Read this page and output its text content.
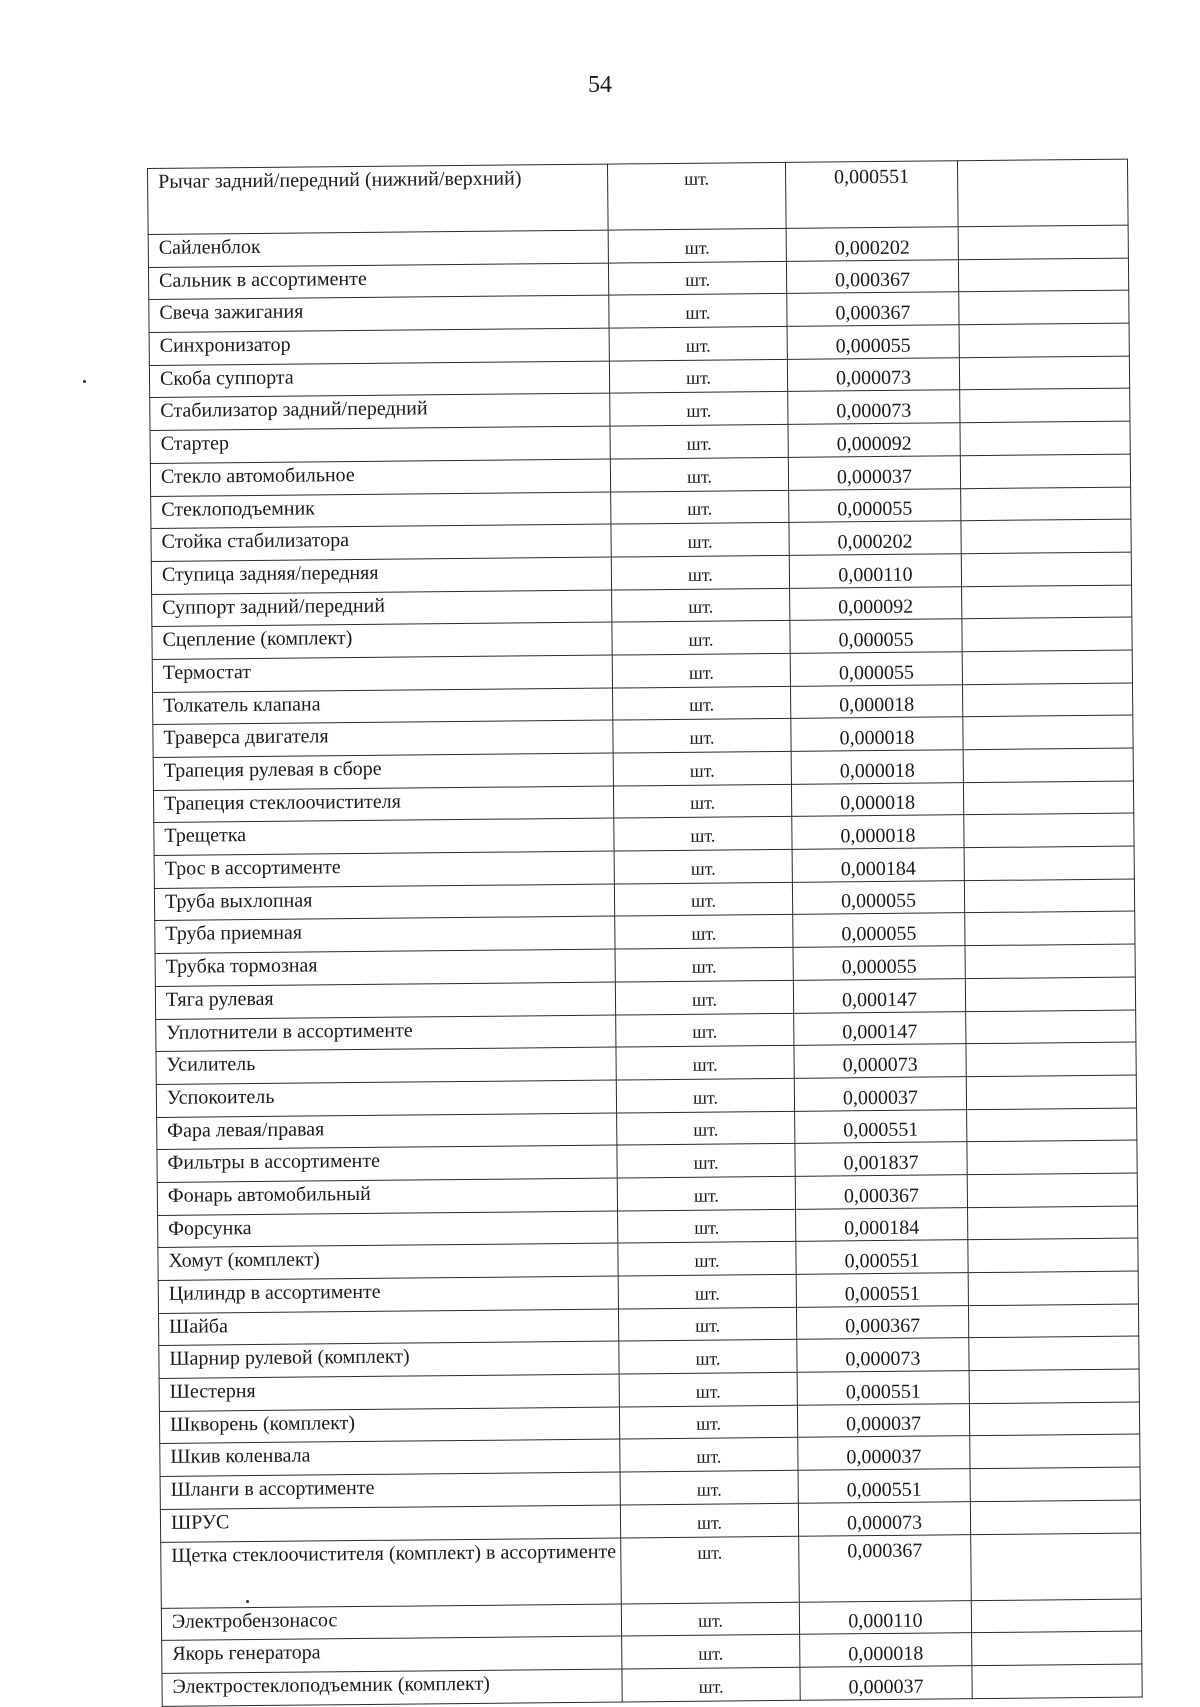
54
Рычаг задний/передний (нижний/верхний)	шт.	0,000551	
Сайленблок	шт.	0,000202	
Сальник в ассортименте	шт.	0,000367	
Свеча зажигания	шт.	0,000367	
Синхронизатор	шт.	0,000055	
Скоба суппорта	шт.	0,000073	
Стабилизатор задний/передний	шт.	0,000073	
Стартер	шт.	0,000092	
Стекло автомобильное	шт.	0,000037	
Стеклоподъемник	шт.	0,000055	
Стойка стабилизатора	шт.	0,000202	
Ступица задняя/передняя	шт.	0,000110	
Суппорт задний/передний	шт.	0,000092	
Сцепление (комплект)	шт.	0,000055	
Термостат	шт.	0,000055	
Толкатель клапана	шт.	0,000018	
Траверса двигателя	шт.	0,000018	
Трапеция рулевая в сборе	шт.	0,000018	
Трапеция стеклоочистителя	шт.	0,000018	
Трещетка	шт.	0,000018	
Трос в ассортименте	шт.	0,000184	
Труба выхлопная	шт.	0,000055	
Труба приемная	шт.	0,000055	
Трубка тормозная	шт.	0,000055	
Тяга рулевая	шт.	0,000147	
Уплотнители в ассортименте	шт.	0,000147	
Усилитель	шт.	0,000073	
Успокоитель	шт.	0,000037	
Фара левая/правая	шт.	0,000551	
Фильтры в ассортименте	шт.	0,001837	
Фонарь автомобильный	шт.	0,000367	
Форсунка	шт.	0,000184	
Хомут (комплект)	шт.	0,000551	
Цилиндр в ассортименте	шт.	0,000551	
Шайба	шт.	0,000367	
Шарнир рулевой (комплект)	шт.	0,000073	
Шестерня	шт.	0,000551	
Шкворень (комплект)	шт.	0,000037	
Шкив коленвала	шт.	0,000037	
Шланги в ассортименте	шт.	0,000551	
ШРУС	шт.	0,000073	
Щетка стеклоочистителя (комплект) в ассортименте	шт.	0,000367	
Электробензонасос	шт.	0,000110	
Якорь генератора	шт.	0,000018	
Электростеклоподъемник (комплект)	шт.	0,000037	
